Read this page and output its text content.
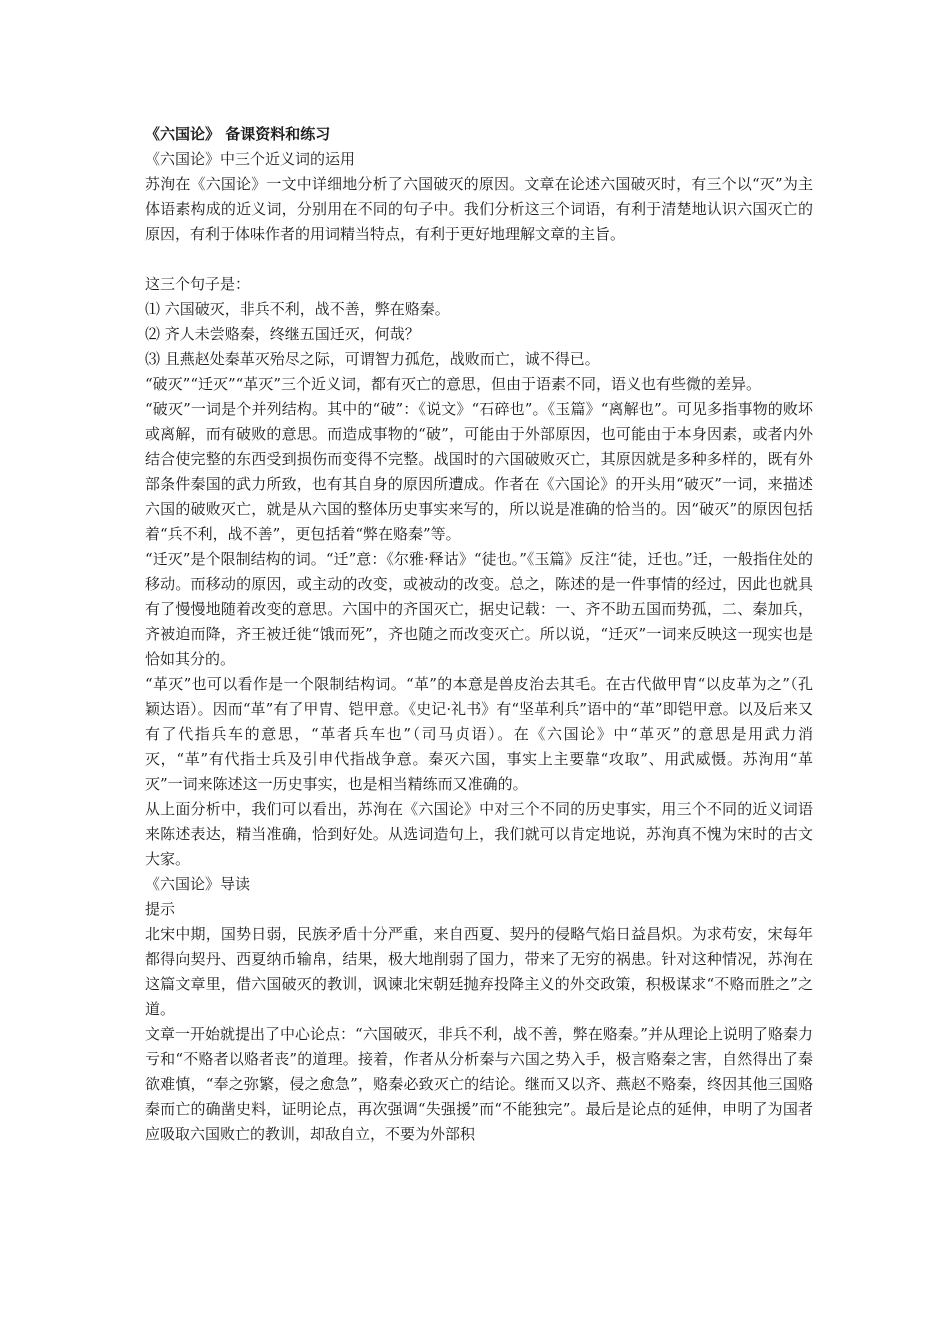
《六国论》 备课资料和练习
《六国论》中三个近义词的运用
苏洵在《六国论》一文中详细地分析了六国破灭的原因。文章在论述六国破灭时，有三个以“灭”为主体语素构成的近义词，分别用在不同的句子中。我们分析这三个词语，有利于清楚地认识六国灭亡的原因，有利于体味作者的用词精当特点，有利于更好地理解文章的主旨。
这三个句子是：
⑴ 六国破灭，非兵不利，战不善，弊在赂秦。
⑵ 齐人未尝赂秦，终继五国迁灭，何哉？
⑶ 且燕赵处秦革灭殆尽之际，可谓智力孤危，战败而亡，诚不得已。
“破灭”“迁灭”“革灭”三个近义词，都有灭亡的意思，但由于语素不同，语义也有些微的差异。
“破灭”一词是个并列结构。其中的“破”：《说文》“石碎也”。《玉篇》“离解也”。可见多指事物的败坏或离解，而有破败的意思。而造成事物的“破”，可能由于外部原因，也可能由于本身因素，或者内外结合使完整的东西受到损伤而变得不完整。战国时的六国破败灭亡，其原因就是多种多样的，既有外部条件秦国的武力所致，也有其自身的原因所遭成。作者在《六国论》的开头用“破灭”一词，来描述六国的破败灭亡，就是从六国的整体历史事实来写的，所以说是准确的恰当的。因“破灭”的原因包括着“兵不利，战不善”，更包括着“弊在赂秦”等。
“迁灭”是个限制结构的词。“迁”意：《尔雅·释诂》“徒也。”《玉篇》反注“徒，迁也。”迁，一般指住处的移动。而移动的原因，或主动的改变，或被动的改变。总之，陈述的是一件事情的经过，因此也就具有了慢慢地随着改变的意思。六国中的齐国灭亡，据史记载：一、齐不助五国而势孤，二、秦加兵，齐被迫而降，齐王被迁徙“饿而死”，齐也随之而改变灭亡。所以说，“迁灭”一词来反映这一现实也是恰如其分的。
“革灭”也可以看作是一个限制结构词。“革”的本意是兽皮治去其毛。在古代做甲胄“以皮革为之”（孔颖达语）。因而“革”有了甲胄、铠甲意。《史记·礼书》有“坚革利兵”语中的“革”即铠甲意。以及后来又有了代指兵车的意思，“革者兵车也”（司马贞语）。在《六国论》中“革灭”的意思是用武力消灭，“革”有代指士兵及引申代指战争意。秦灭六国，事实上主要靠“攻取”、用武威慑。苏洵用“革灭”一词来陈述这一历史事实，也是相当精练而又准确的。
从上面分析中，我们可以看出，苏洵在《六国论》中对三个不同的历史事实，用三个不同的近义词语来陈述表达，精当准确，恰到好处。从选词造句上，我们就可以肯定地说，苏洵真不愧为宋时的古文大家。
《六国论》导读
提示
北宋中期，国势日弱，民族矛盾十分严重，来自西夏、契丹的侵略气焰日益昌炽。为求苟安，宋每年都得向契丹、西夏纳币输帛，结果，极大地削弱了国力，带来了无穷的祸患。针对这种情况，苏洵在这篇文章里，借六国破灭的教训，讽谏北宋朝廷抛弃投降主义的外交政策，积极谋求“不赂而胜之”之道。
文章一开始就提出了中心论点：“六国破灭，非兵不利，战不善，弊在赂秦。”并从理论上说明了赂秦力亏和“不赂者以赂者丧”的道理。接着，作者从分析秦与六国之势入手，极言赂秦之害，自然得出了秦欲难慎，“奉之弥繁，侵之愈急”，赂秦必致灭亡的结论。继而又以齐、燕赵不赂秦，终因其他三国赂秦而亡的确凿史料，证明论点，再次强调“失强援”而“不能独完”。最后是论点的延伸，申明了为国者应吸取六国败亡的教训，却敌自立，不要为外部积
